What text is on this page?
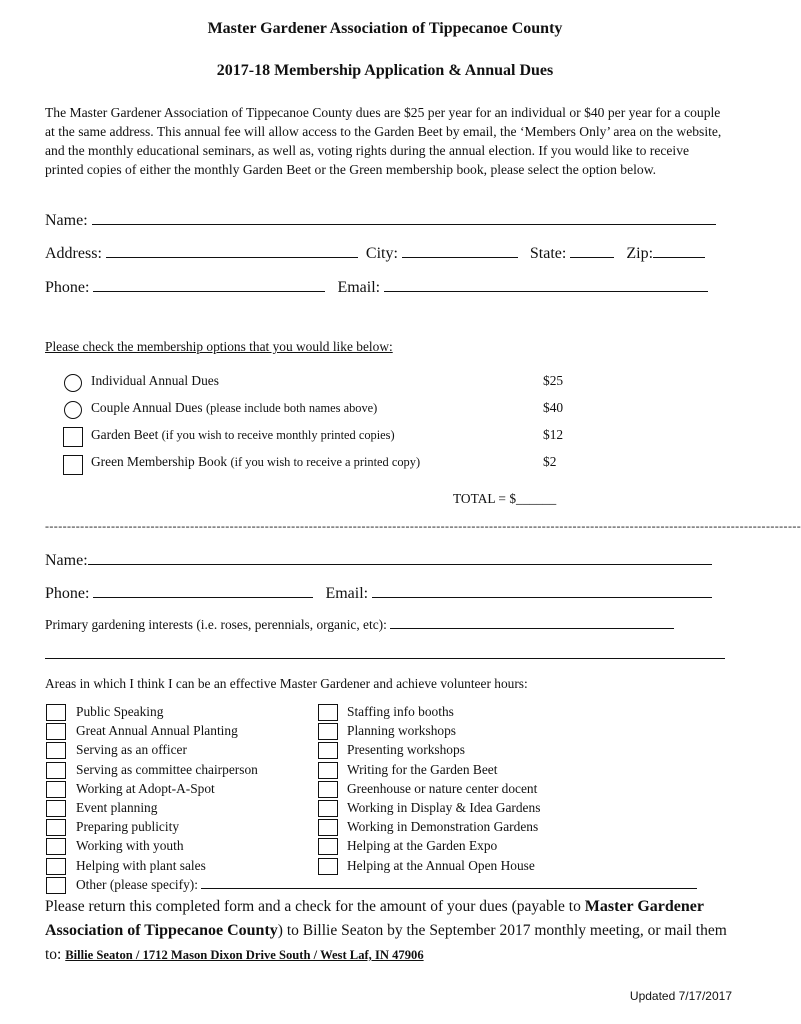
Master Gardener Association of Tippecanoe County
2017-18 Membership Application & Annual Dues
The Master Gardener Association of Tippecanoe County dues are $25 per year for an individual or $40 per year for a couple at the same address. This annual fee will allow access to the Garden Beet by email, the ‘Members Only’ area on the website, and the monthly educational seminars, as well as, voting rights during the annual election. If you would like to receive printed copies of either the monthly Garden Beet or the Green membership book, please select the option below.
Name:
Address:	City:	State:	Zip:
Phone:	Email:
Please check the membership options that you would like below:
Individual Annual Dues	$25
Couple Annual Dues (please include both names above)	$40
Garden Beet (if you wish to receive monthly printed copies)	$12
Green Membership Book (if you wish to receive a printed copy)	$2
TOTAL = $______
----------------------------------------------------------------------------------------------------------------------------------------------------------------------------
Name:
Phone:	Email:
Primary gardening interests (i.e. roses, perennials, organic, etc):
Areas in which I think I can be an effective Master Gardener and achieve volunteer hours:
Public Speaking
Great Annual Annual Planting
Serving as an officer
Serving as committee chairperson
Working at Adopt-A-Spot
Event planning
Preparing publicity
Working with youth
Helping with plant sales
Staffing info booths
Planning workshops
Presenting workshops
Writing for the Garden Beet
Greenhouse or nature center docent
Working in Display & Idea Gardens
Working in Demonstration Gardens
Helping at the Garden Expo
Helping at the Annual Open House
Other (please specify):
Please return this completed form and a check for the amount of your dues (payable to Master Gardener Association of Tippecanoe County) to Billie Seaton by the September 2017 monthly meeting, or mail them to: Billie Seaton / 1712 Mason Dixon Drive South / West Laf, IN 47906
Updated 7/17/2017
